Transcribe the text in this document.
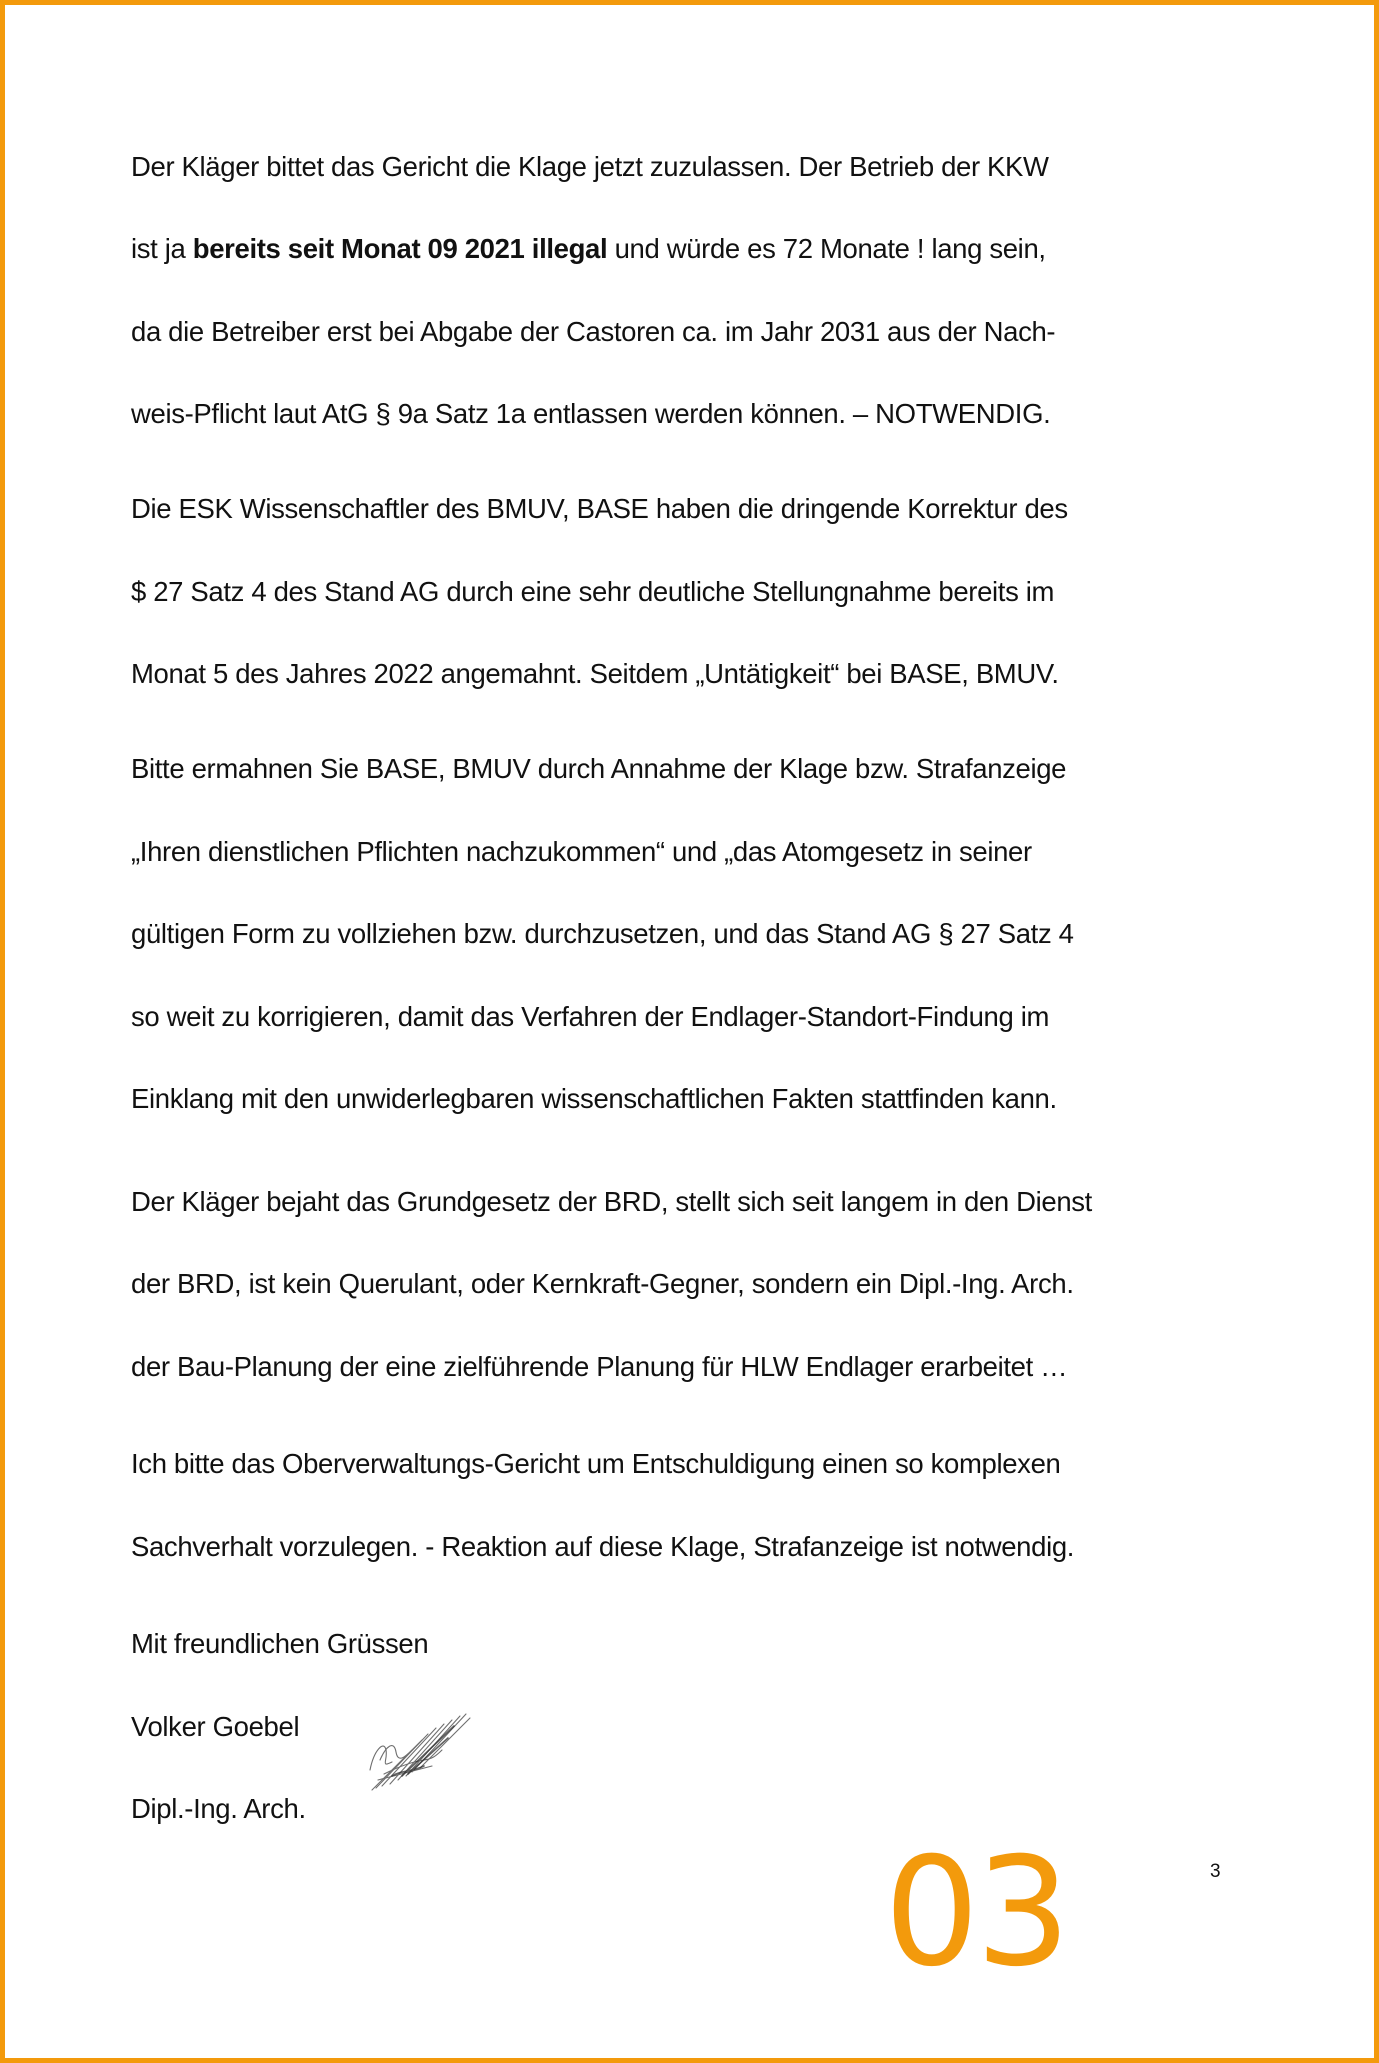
Der Kläger bittet das Gericht die Klage jetzt zuzulassen. Der Betrieb der KKW
ist ja bereits seit Monat 09 2021 illegal und würde es 72 Monate ! lang sein,
da die Betreiber erst bei Abgabe der Castoren ca. im Jahr 2031 aus der Nach-
weis-Pflicht laut AtG § 9a Satz 1a entlassen werden können. – NOTWENDIG.
Die ESK Wissenschaftler des BMUV, BASE haben die dringende Korrektur des
$ 27 Satz 4 des Stand AG durch eine sehr deutliche Stellungnahme bereits im
Monat 5 des Jahres 2022 angemahnt. Seitdem „Untätigkeit“ bei BASE, BMUV.
Bitte ermahnen Sie BASE, BMUV durch Annahme der Klage bzw. Strafanzeige
„Ihren dienstlichen Pflichten nachzukommen“ und „das Atomgesetz in seiner
gültigen Form zu vollziehen bzw. durchzusetzen, und das Stand AG § 27 Satz 4
so weit zu korrigieren, damit das Verfahren der Endlager-Standort-Findung im
Einklang mit den unwiderlegbaren wissenschaftlichen Fakten stattfinden kann.
Der Kläger bejaht das Grundgesetz der BRD, stellt sich seit langem in den Dienst
der BRD, ist kein Querulant, oder Kernkraft-Gegner, sondern ein Dipl.-Ing. Arch.
der Bau-Planung der eine zielführende Planung für HLW Endlager erarbeitet …
Ich bitte das Oberverwaltungs-Gericht um Entschuldigung einen so komplexen
Sachverhalt vorzulegen. - Reaktion auf diese Klage, Strafanzeige ist notwendig.
Mit freundlichen Grüssen
Volker Goebel
Dipl.-Ing. Arch.
03	3
